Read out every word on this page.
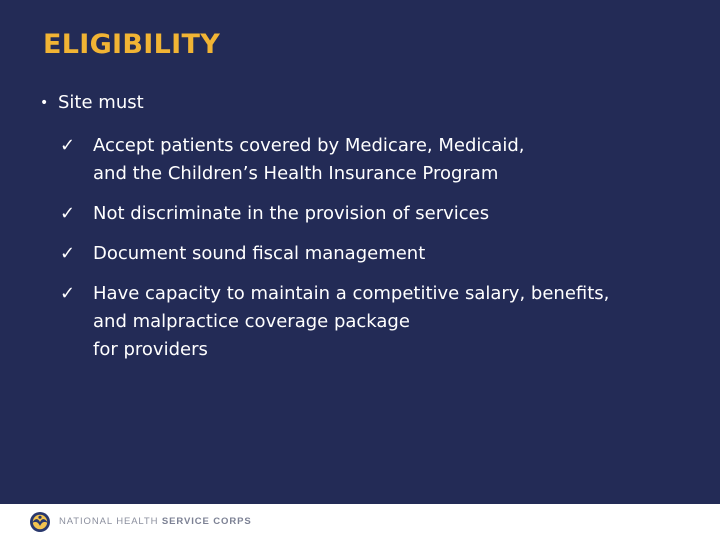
ELIGIBILITY
• Site must
✓ Accept patients covered by Medicare, Medicaid,
and the Children’s Health Insurance Program
✓ Not discriminate in the provision of services
✓ Document sound fiscal management
✓ Have capacity to maintain a competitive salary, benefits,
and malpractice coverage package
for providers
NATIONAL HEALTH SERVICE CORPS
